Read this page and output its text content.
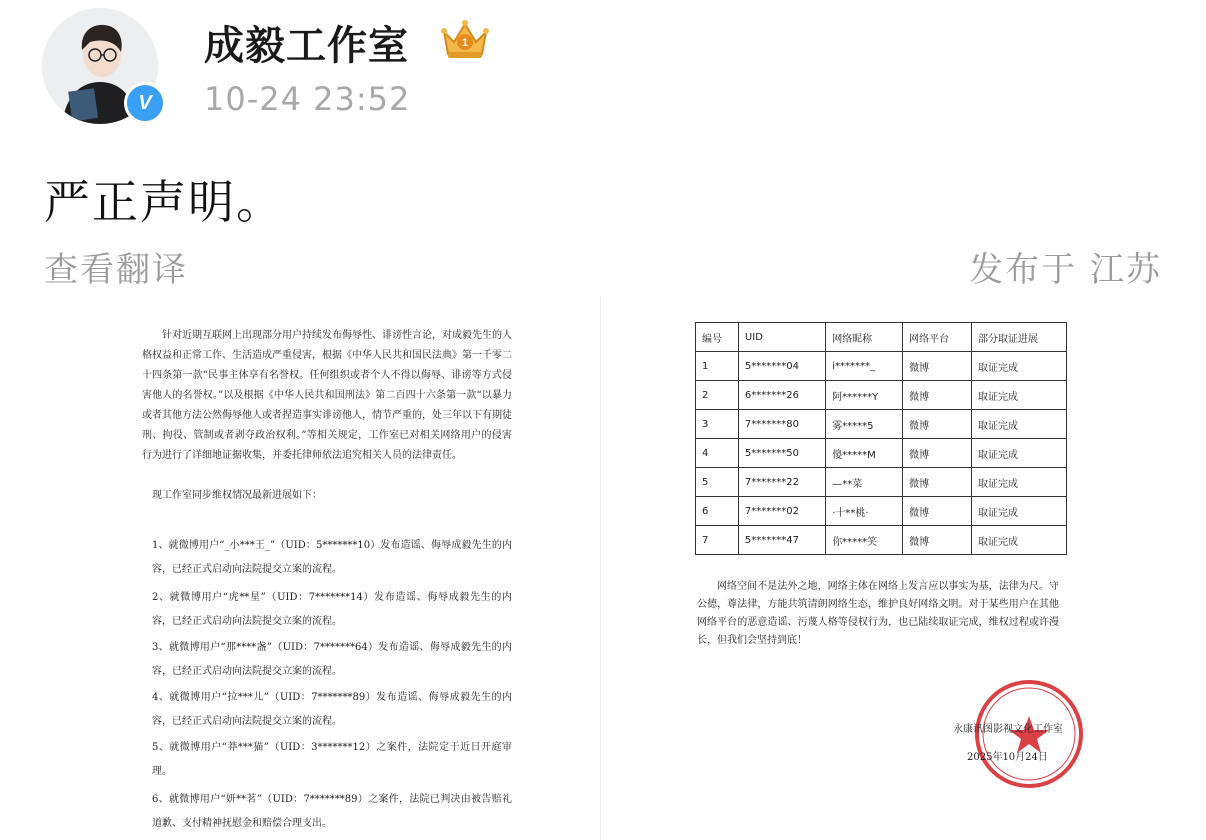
V
成毅工作室	1
10-24 23:52
严正声明。
查看翻译	发布于 江苏
针对近期互联网上出现部分用户持续发布侮辱性、诽谤性言论，对成毅先生的人格权益和正常工作、生活造成严重侵害，根据《中华人民共和国民法典》第一千零二十四条第一款“民事主体享有名誉权。任何组织或者个人不得以侮辱、诽谤等方式侵害他人的名誉权。”以及根据《中华人民共和国刑法》第二百四十六条第一款“以暴力或者其他方法公然侮辱他人或者捏造事实诽谤他人，情节严重的，处三年以下有期徒刑、拘役、管制或者剥夺政治权利。”等相关规定，工作室已对相关网络用户的侵害行为进行了详细地证据收集，并委托律师依法追究相关人员的法律责任。
现工作室同步维权情况最新进展如下：
1、就微博用户“_小***王_”（UID：5*******10）发布造谣、侮辱成毅先生的内容，已经正式启动向法院提交立案的流程。
2、就微博用户“虎**星”（UID：7*******14）发布造谣、侮辱成毅先生的内容，已经正式启动向法院提交立案的流程。
3、就微博用户“那****盏”（UID：7*******64）发布造谣、侮辱成毅先生的内容，已经正式启动向法院提交立案的流程。
4、就微博用户“拉***儿”（UID：7*******89）发布造谣、侮辱成毅先生的内容，已经正式启动向法院提交立案的流程。
5、就微博用户“莽***猫”（UID：3*******12）之案件，法院定于近日开庭审理。
6、就微博用户“妍**茗”（UID：7*******89）之案件，法院已判决由被告赔礼道歉、支付精神抚慰金和赔偿合理支出。
编号	UID	网络昵称	网络平台	部分取证进展
1	5*******04	i*******_	微博	取证完成
2	6*******26	阿******Y	微博	取证完成
3	7*******80	雾*****5	微博	取证完成
4	5*******50	傻*****M	微博	取证完成
5	7*******22	—**菜	微博	取证完成
6	7*******02	·十**桃·	微博	取证完成
7	5*******47	你*****笑	微博	取证完成
网络空间不是法外之地，网络主体在网络上发言应以事实为基，法律为尺。守公德，尊法律，方能共筑清朗网络生态，维护良好网络文明。对于某些用户在其他网络平台的恶意造谣、污蔑人格等侵权行为，也已陆续取证完成，维权过程或许漫长，但我们会坚持到底！
永康讯图影视文化工作室
2025年10月24日
